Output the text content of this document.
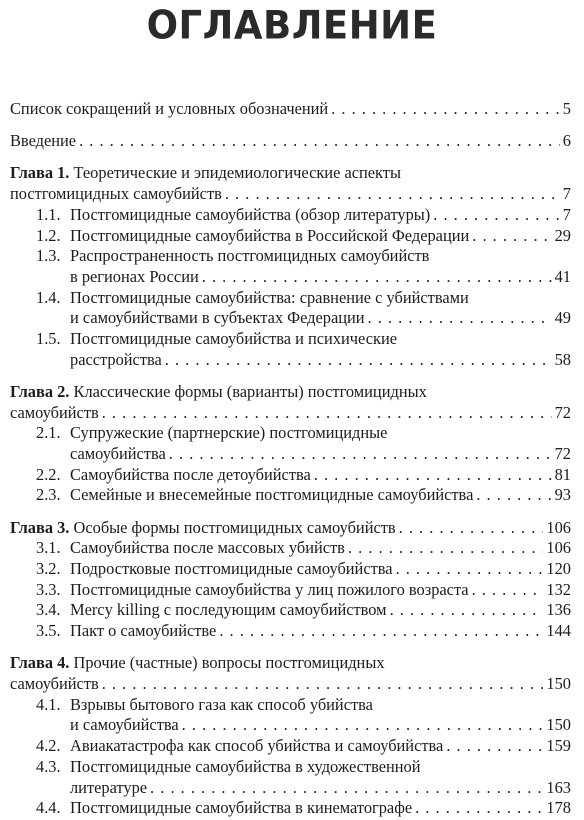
ОГЛАВЛЕНИЕ
Список сокращений и условных обозначений . . .	5
Введение . . .	6
Глава 1. Теоретические и эпидемиологические аспекты
постгомицидных самоубийств . . .	7
1.1. Постгомицидные самоубийства (обзор литературы) . . .	7
1.2. Постгомицидные самоубийства в Российской Федерации . . .	29
1.3. Распространенность постгомицидных самоубийств
в регионах России . . .	41
1.4. Постгомицидные самоубийства: сравнение с убийствами
и самоубийствами в субъектах Федерации . . .	49
1.5. Постгомицидные самоубийства и психические
расстройства . . .	58
Глава 2. Классические формы (варианты) постгомицидных
самоубийств . . .	72
2.1. Супружеские (партнерские) постгомицидные
самоубийства . . .	72
2.2. Самоубийства после детоубийства . . .	81
2.3. Семейные и внесемейные постгомицидные самоубийства . . .	93
Глава 3. Особые формы постгомицидных самоубийств . . .	106
3.1. Самоубийства после массовых убийств . . .	106
3.2. Подростковые постгомицидные самоубийства . . .	120
3.3. Постгомицидные самоубийства у лиц пожилого возраста . . .	132
3.4. Mercy killing с последующим самоубийством . . .	136
3.5. Пакт о самоубийстве . . .	144
Глава 4. Прочие (частные) вопросы постгомицидных
самоубийств . . .	150
4.1. Взрывы бытового газа как способ убийства
и самоубийства . . .	150
4.2. Авиакатастрофа как способ убийства и самоубийства . . .	159
4.3. Постгомицидные самоубийства в художественной
литературе . . .	163
4.4. Постгомицидные самоубийства в кинематографе . . .	178
